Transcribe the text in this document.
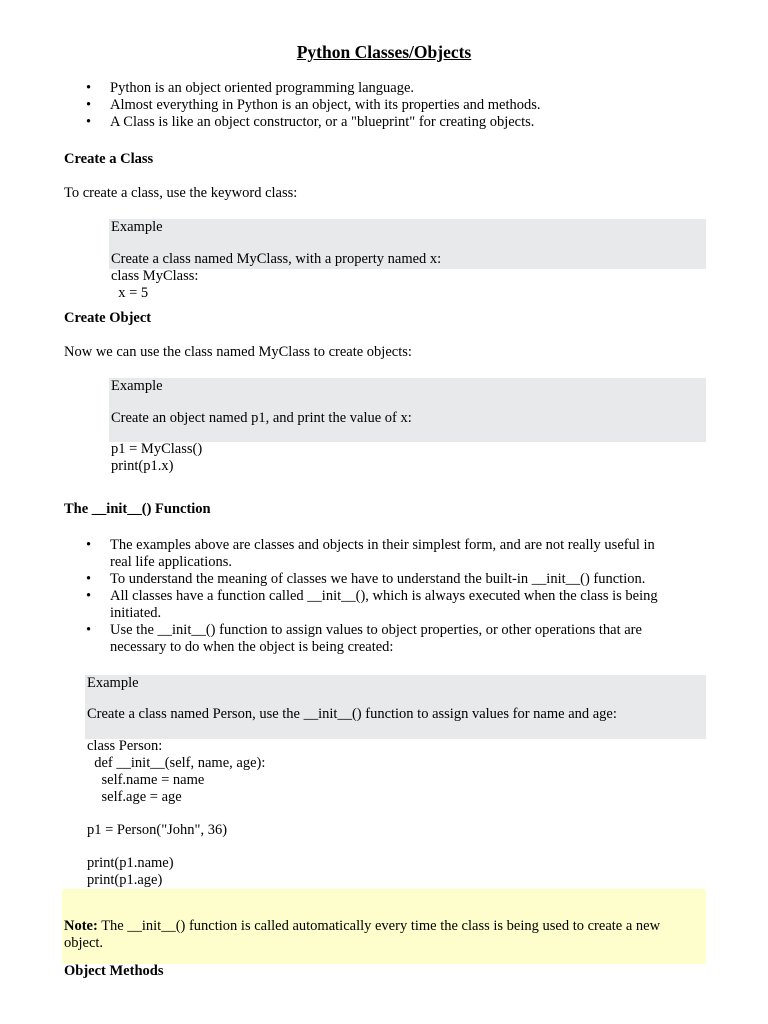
Python Classes/Objects
• Python is an object oriented programming language.
• Almost everything in Python is an object, with its properties and methods.
• A Class is like an object constructor, or a "blueprint" for creating objects.
Create a Class
To create a class, use the keyword class:
Example
Create a class named MyClass, with a property named x:
class MyClass:
x = 5
Create Object
Now we can use the class named MyClass to create objects:
Example
Create an object named p1, and print the value of x:
p1 = MyClass()
print(p1.x)
The __init__() Function
• The examples above are classes and objects in their simplest form, and are not really useful in
real life applications.
• To understand the meaning of classes we have to understand the built-in __init__() function.
• All classes have a function called __init__(), which is always executed when the class is being
initiated.
• Use the __init__() function to assign values to object properties, or other operations that are
necessary to do when the object is being created:
Example
Create a class named Person, use the __init__() function to assign values for name and age:
class Person:
def __init__(self, name, age):
self.name = name
self.age = age
p1 = Person("John", 36)
print(p1.name)
print(p1.age)
Note: The __init__() function is called automatically every time the class is being used to create a new
object.
Object Methods
